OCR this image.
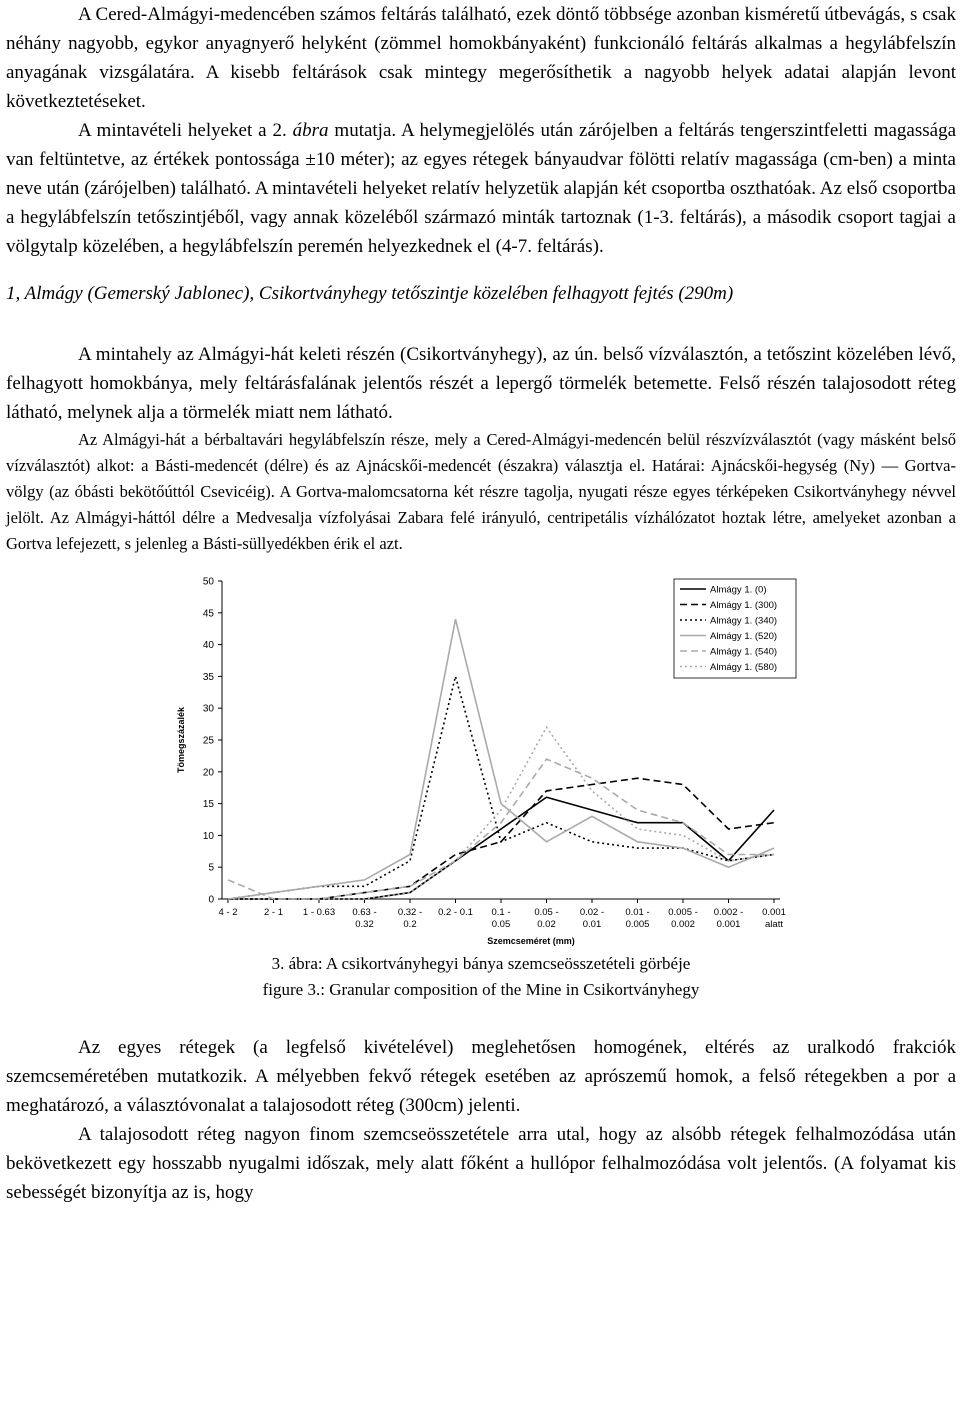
A Cered-Almágyi-medencében számos feltárás található, ezek döntő többsége azonban kisméretű útbevágás, s csak néhány nagyobb, egykor anyagnyerő helyként (zömmel homokbányaként) funkcionáló feltárás alkalmas a hegylábfelszín anyagának vizsgálatára. A kisebb feltárások csak mintegy megerősíthetik a nagyobb helyek adatai alapján levont következtetéseket.

A mintavételi helyeket a 2. ábra mutatja. A helymegjelölés után zárójelben a feltárás tengerszintfeletti magassága van feltüntetve, az értékek pontossága ±10 méter); az egyes rétegek bányaudvar fölötti relatív magassága (cm-ben) a minta neve után (zárójelben) található. A mintavételi helyeket relatív helyzetük alapján két csoportba oszthatóak. Az első csoportba a hegylábfelszín tetőszintjéből, vagy annak közeléből származó minták tartoznak (1-3. feltárás), a második csoport tagjai a völgytalp közelében, a hegylábfelszín peremén helyezkednek el (4-7. feltárás).

1, Almágy (Gemerský Jablonec), Csikortványhegy tetőszintje közelében felhagyott fejtés (290m)

A mintahely az Almágyi-hát keleti részén (Csikortványhegy), az ún. belső vízválasztón, a tetőszint közelében lévő, felhagyott homokbánya, mely feltárásfalának jelentős részét a lepergő törmelék betemette. Felső részén talajosodott réteg látható, melynek alja a törmelék miatt nem látható.

Az Almágyi-hát a bérbaltavári hegylábfelszín része, mely a Cered-Almágyi-medencén belül részvízválasztót (vagy másként belső vízválasztót) alkot: a Básti-medencét (délre) és az Ajnácskői-medencét (északra) választja el. Határai: Ajnácskői-hegység (Ny) — Gortva-völgy (az óbásti bekötőúttól Csevicéig). A Gortva-malomcsatorna két részre tagolja, nyugati része egyes térképeken Csikortványhegy névvel jelölt. Az Almágyi-háttól délre a Medvesalja vízfolyásai Zabara felé irányuló, centripetális vízhálózatot hoztak létre, amelyeket azonban a Gortva lefejezett, s jelenleg a Básti-süllyedékben érik el azt.

0
5
10
15
20
25
30
35
40
45
50
Tömegszázalék
4 - 2	2 - 1 1 - 0.63 0.63 -
0.32
0.32 -
0.2
0.2 - 0.1 0.1 -
0.05
0.05 -
0.02
0.02 -
0.01
0.01 -
0.005
0.005 -
0.002
0.002 -
0.001
0.001
alatt
Szemcseméret (mm)
Almágy 1. (0)
Almágy 1. (300)
Almágy 1. (340)
Almágy 1. (520)
Almágy 1. (540)
Almágy 1. (580)
3. ábra: A csikortványhegyi bánya szemcseösszetételi görbéje
figure 3.: Granular composition of the Mine in Csikortványhegy

Az egyes rétegek (a legfelső kivételével) meglehetősen homogének, eltérés az uralkodó frakciók szemcseméretében mutatkozik. A mélyebben fekvő rétegek esetében az aprószemű homok, a felső rétegekben a por a meghatározó, a választóvonalat a talajosodott réteg (300cm) jelenti.

A talajosodott réteg nagyon finom szemcseösszetétele arra utal, hogy az alsóbb rétegek felhalmozódása után bekövetkezett egy hosszabb nyugalmi időszak, mely alatt főként a hullópor felhalmozódása volt jelentős. (A folyamat kis sebességét bizonyítja az is, hogy
